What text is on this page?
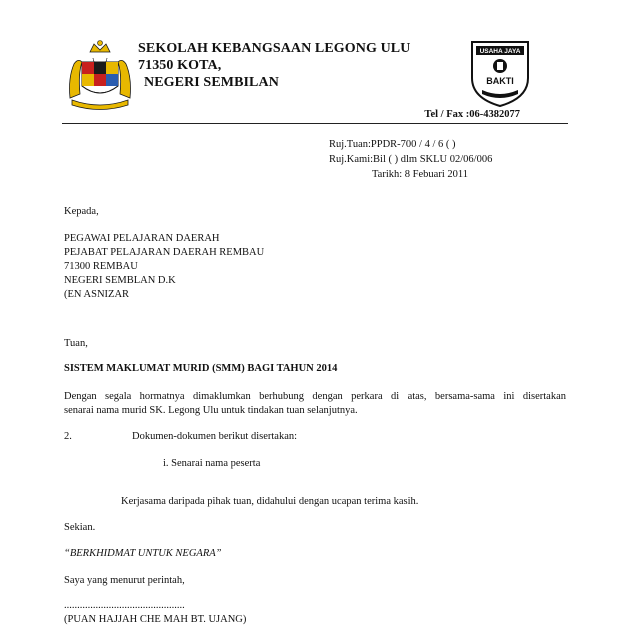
SEKOLAH KEBANGSAAN LEGONG ULU
71350 KOTA,
NEGERI SEMBILAN
USAHA JAYA
BAKTI
Tel / Fax :06-4382077
Ruj.Tuan:PPDR-700 / 4 / 6 ( )
Ruj.Kami:Bil ( ) dlm SKLU 02/06/006
Tarikh: 8 Febuari 2011
Kepada,
PEGAWAI PELAJARAN DAERAH
PEJABAT PELAJARAN DAERAH REMBAU
71300 REMBAU
NEGERI SEMBLAN D.K
(EN ASNIZAR
Tuan,
SISTEM MAKLUMAT MURID (SMM) BAGI TAHUN 2014
Dengan segala hormatnya dimaklumkan berhubung dengan perkara di atas, bersama-sama ini disertakan
senarai nama murid SK. Legong Ulu untuk tindakan tuan selanjutnya.
2.	Dokumen-dokumen berikut disertakan:
i. Senarai nama peserta
Kerjasama daripada pihak tuan, didahului dengan ucapan terima kasih.
Sekian.
“BERKHIDMAT UNTUK NEGARA”
Saya yang menurut perintah,
..............................................
(PUAN HAJJAH CHE MAH BT. UJANG)
